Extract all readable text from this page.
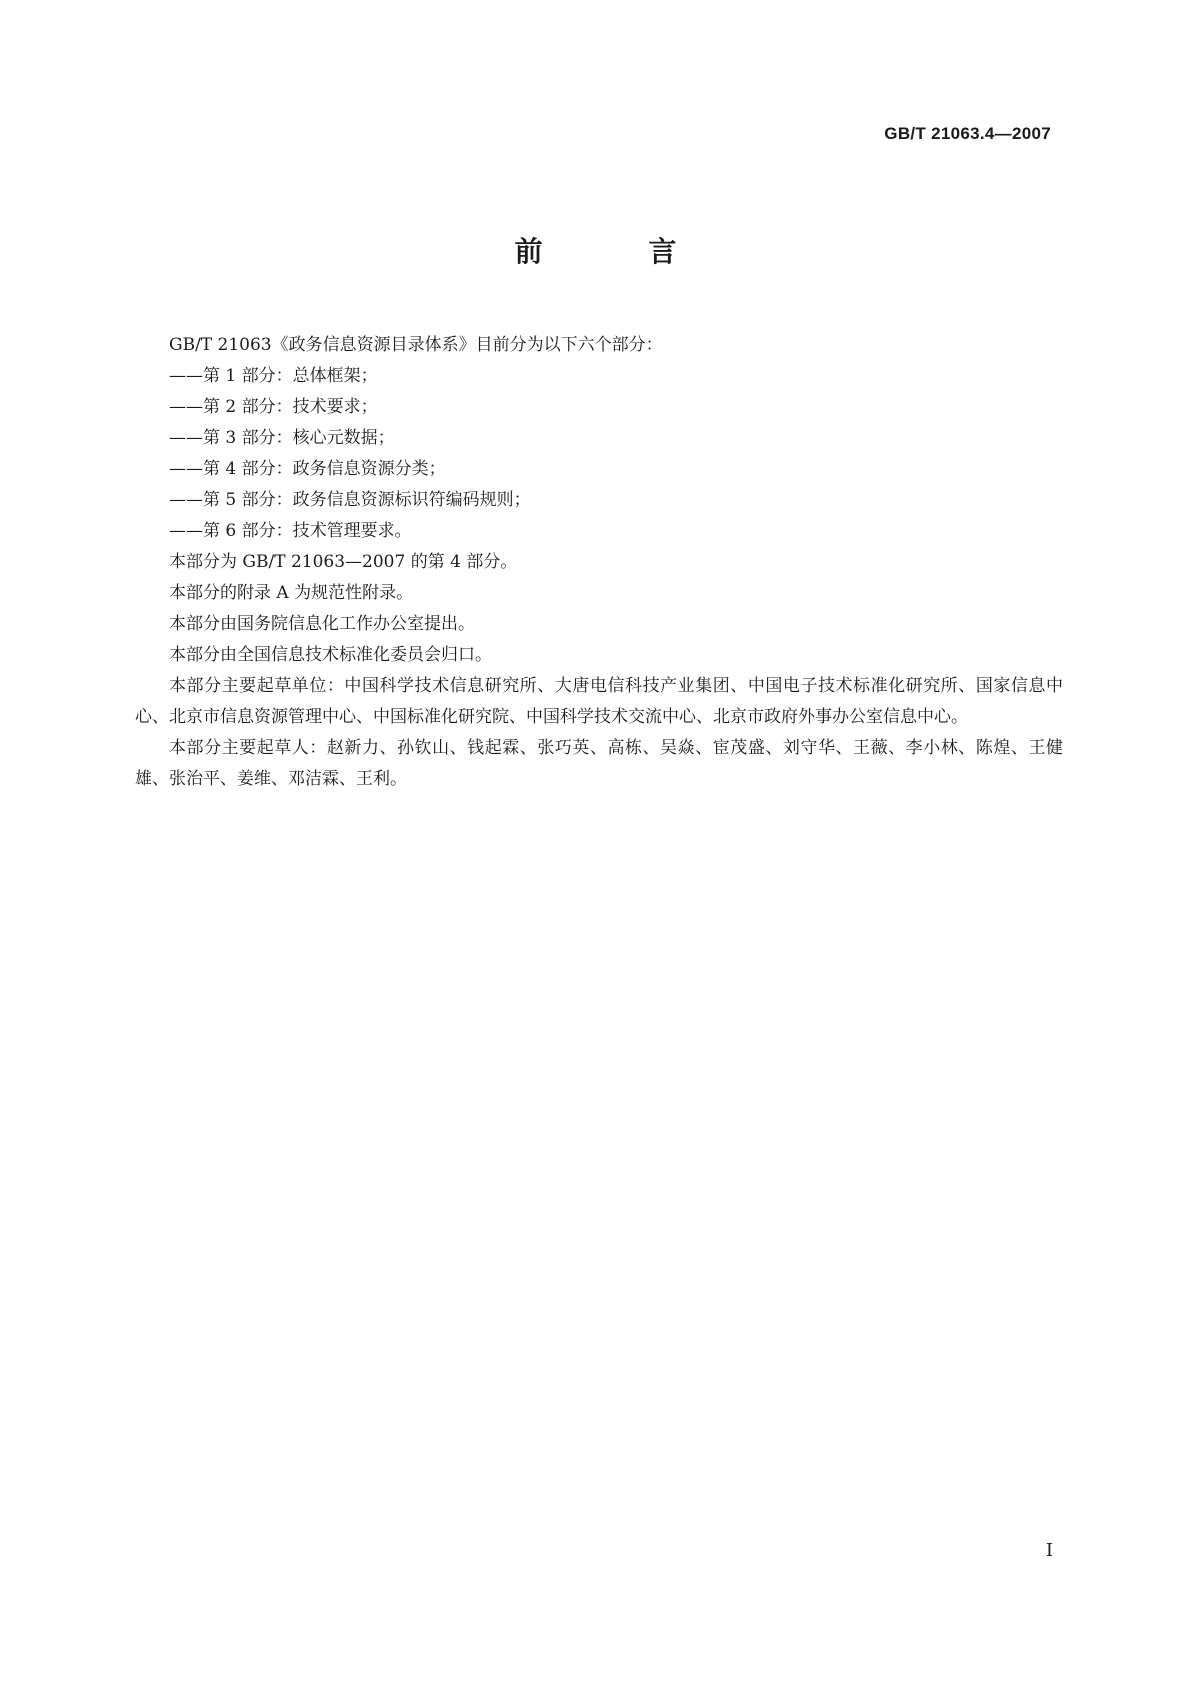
GB/T 21063.4—2007
前 言

GB/T 21063《政务信息资源目录体系》目前分为以下六个部分：

——第 1 部分：总体框架；

——第 2 部分：技术要求；

——第 3 部分：核心元数据；

——第 4 部分：政务信息资源分类；

——第 5 部分：政务信息资源标识符编码规则；

——第 6 部分：技术管理要求。

本部分为 GB/T 21063—2007 的第 4 部分。

本部分的附录 A 为规范性附录。

本部分由国务院信息化工作办公室提出。

本部分由全国信息技术标准化委员会归口。

本部分主要起草单位：中国科学技术信息研究所、大唐电信科技产业集团、中国电子技术标准化研究所、国家信息中心、北京市信息资源管理中心、中国标准化研究院、中国科学技术交流中心、北京市政府外事办公室信息中心。

本部分主要起草人：赵新力、孙钦山、钱起霖、张巧英、高栋、吴焱、宦茂盛、刘守华、王薇、李小林、陈煌、王健雄、张治平、姜维、邓洁霖、王利。

I
